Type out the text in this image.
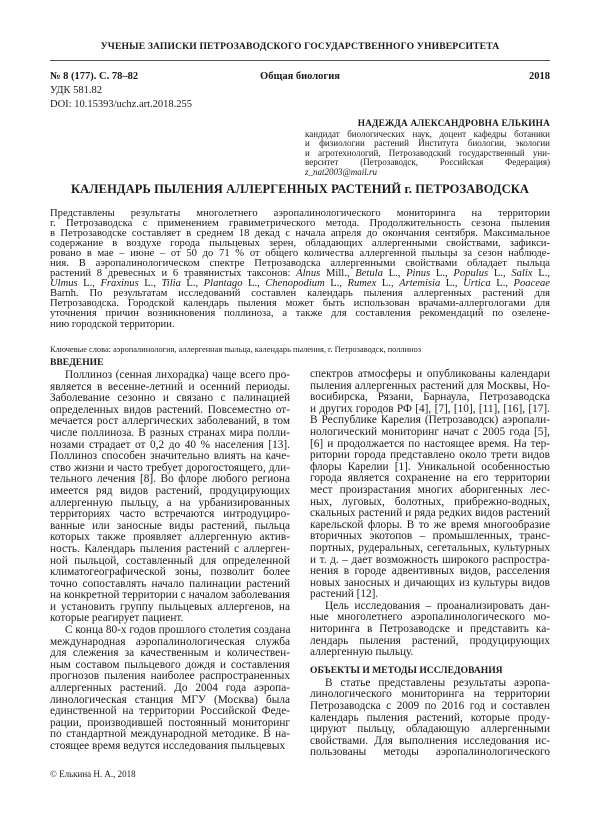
УЧЕНЫЕ ЗАПИСКИ ПЕТРОЗАВОДСКОГО ГОСУДАРСТВЕННОГО УНИВЕРСИТЕТА
№ 8 (177). С. 78–82	Общая биология	2018
УДК 581.82
DOI: 10.15393/uchz.art.2018.255
НАДЕЖДА АЛЕКСАНДРОВНА ЕЛЬКИНА
кандидат биологических наук, доцент кафедры ботаники
и физиологии растений Института биологии, экологии
и агротехнологий, Петрозаводский государственный уни-
верситет (Петрозаводск, Российская Федерация)
z_nat2003@mail.ru
КАЛЕНДАРЬ ПЫЛЕНИЯ АЛЛЕРГЕННЫХ РАСТЕНИЙ г. ПЕТРОЗАВОДСКА
Представлены результаты многолетнего аэропалинологического мониторинга на территории
г. Петрозаводска с применением гравиметрического метода. Продолжительность сезона пыления
в Петрозаводске составляет в среднем 18 декад с начала апреля до окончания сентября. Максимальное
содержание в воздухе города пыльцевых зерен, обладающих аллергенными свойствами, зафикси-
ровано в мае – июне – от 50 до 71 % от общего количества аллергенной пыльцы за сезон наблюде-
ния. В аэропалинологическом спектре Петрозаводска аллергенными свойствами обладает пыльца
растений 8 древесных и 6 травянистых таксонов: Alnus Mill., Betula L., Pinus L., Populus L., Salix L.,
Ulmus L., Fraxinus L., Tilia L., Plantago L., Chenopodium L., Rumex L., Artemisia L., Urtica L., Poaceae
Barnh. По результатам исследований составлен календарь пыления аллергенных растений для
Петрозаводска. Городской календарь пыления может быть использован врачами-аллергологами для
уточнения причин возникновения поллиноза, а также для составления рекомендаций по озелене-
нию городской территории.
Ключевые слова: аэропалинология, аллергенная пыльца, календарь пыления, г. Петрозаводск, поллиноз
ВВЕДЕНИЕ
Поллиноз (сенная лихорадка) чаще всего про-
является в весенне-летний и осенний периоды.
Заболевание сезонно и связано с палинацией
определенных видов растений. Повсеместно от-
мечается рост аллергических заболеваний, в том
числе поллиноза. В разных странах мира полли-
нозами страдает от 0,2 до 40 % населения [13].
Поллиноз способен значительно влиять на каче-
ство жизни и часто требует дорогостоящего, дли-
тельного лечения [8]. Во флоре любого региона
имеется ряд видов растений, продуцирующих
аллергенную пыльцу, а на урбанизированных
территориях часто встречаются интродуциро-
ванные или заносные виды растений, пыльца
которых также проявляет аллергенную актив-
ность. Календарь пыления растений с аллерген-
ной пыльцой, составленный для определенной
климатогеографической зоны, позволит более
точно сопоставлять начало палинации растений
на конкретной территории с началом заболевания
и установить группу пыльцевых аллергенов, на
которые реагирует пациент.
С конца 80-х годов прошлого столетия создана
международная аэропалинологическая служба
для слежения за качественным и количествен-
ным составом пыльцевого дождя и составления
прогнозов пыления наиболее распространенных
аллергенных растений. До 2004 года аэропа-
линологическая станция МГУ (Москва) была
единственной на территории Российской Феде-
рации, производившей постоянный мониторинг
по стандартной международной методике. В на-
стоящее время ведутся исследования пыльцевых
спектров атмосферы и опубликованы календари
пыления аллергенных растений для Москвы, Но-
восибирска, Рязани, Барнаула, Петрозаводска
и других городов РФ [4], [7], [10], [11], [16], [17].
В Республике Карелия (Петрозаводск) аэропали-
нологический мониторинг начат с 2005 года [5],
[6] и продолжается по настоящее время. На тер-
ритории города представлено около трети видов
флоры Карелии [1]. Уникальной особенностью
города является сохранение на его территории
мест произрастания многих аборигенных лес-
ных, луговых, болотных, прибрежно-водных,
скальных растений и ряда редких видов растений
карельской флоры. В то же время многообразие
вторичных экотопов – промышленных, транс-
портных, рудеральных, сегетальных, культурных
и т. д. – дает возможность широкого распростра-
нения в городе адвентивных видов, расселения
новых заносных и дичающих из культуры видов
растений [12].
Цель исследования – проанализировать дан-
ные многолетнего аэропалинологического мо-
ниторинга в Петрозаводске и представить ка-
лендарь пыления растений, продуцирующих
аллергенную пыльцу.
ОБЪЕКТЫ И МЕТОДЫ ИССЛЕДОВАНИЯ
В статье представлены результаты аэропа-
линологического мониторинга на территории
Петрозаводска с 2009 по 2016 год и составлен
календарь пыления растений, которые проду-
цируют пыльцу, обладающую аллергенными
свойствами. Для выполнения исследования ис-
пользованы методы аэропалинологического
© Елькина Н. А., 2018
